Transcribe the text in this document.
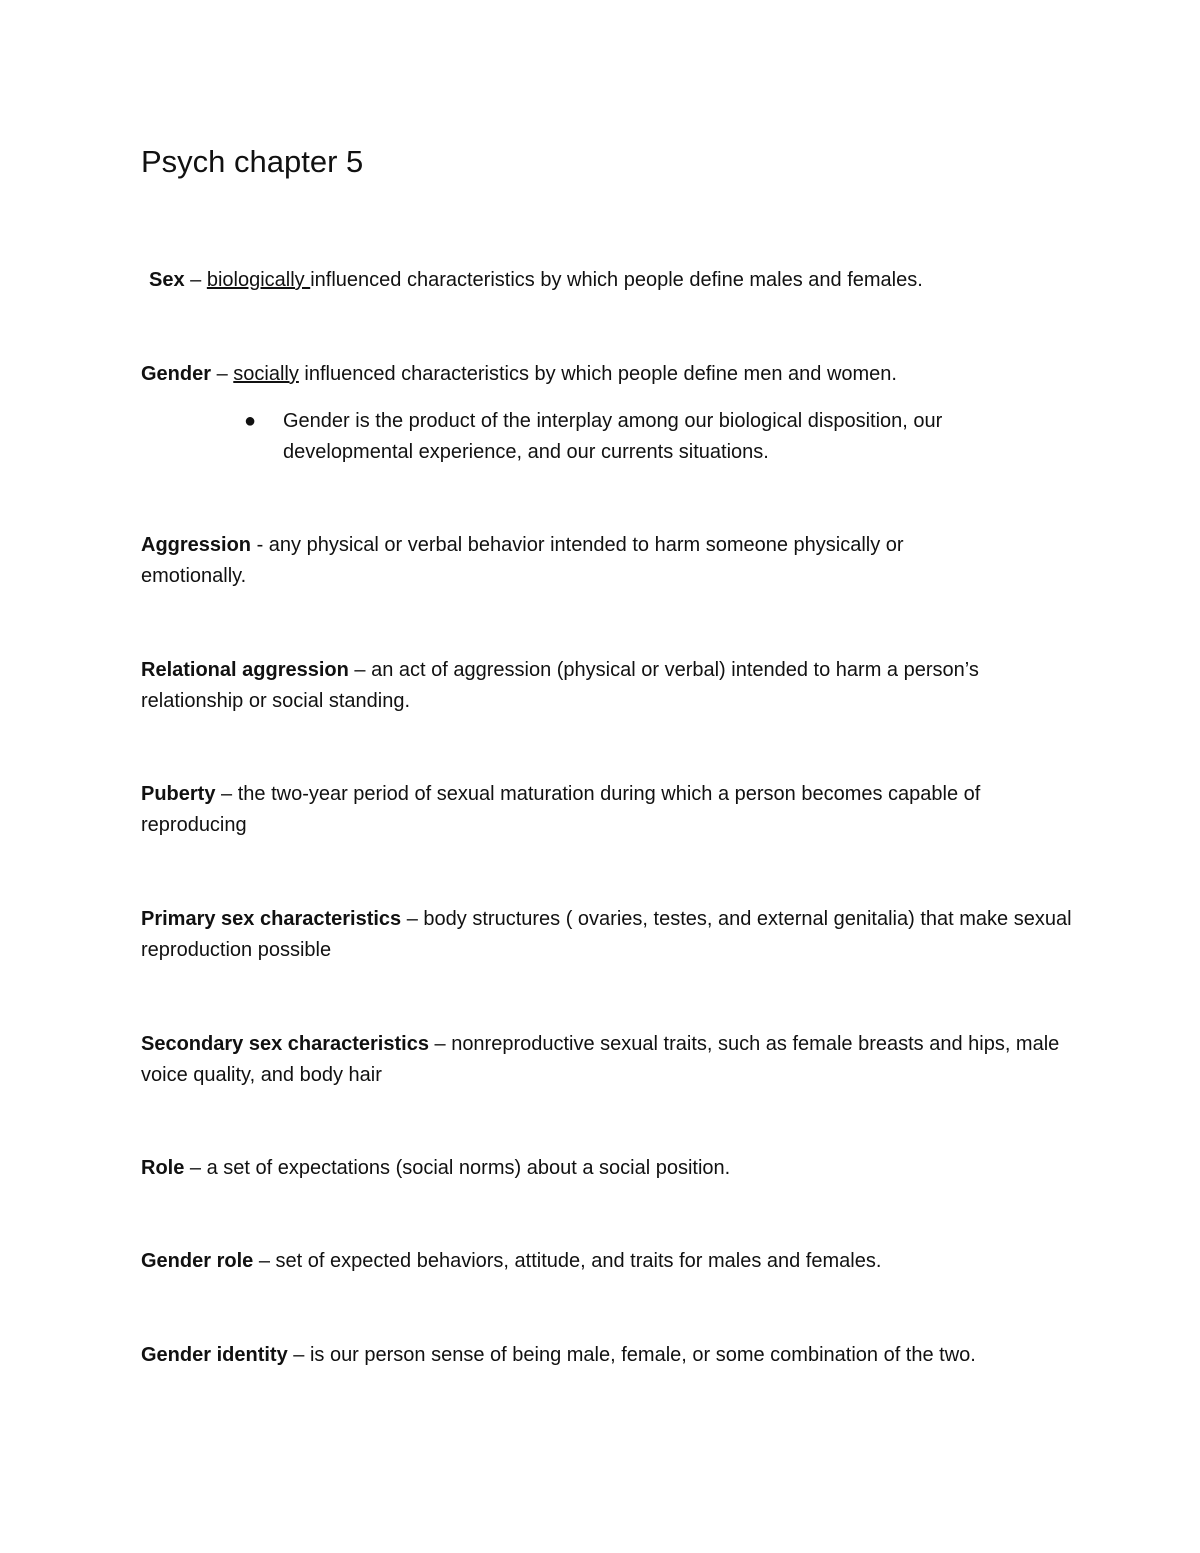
Psych chapter 5

Sex – biologically influenced characteristics by which people define males and females.

Gender – socially influenced characteristics by which people define men and women.

●	Gender is the product of the interplay among our biological disposition, our developmental experience, and our currents situations.

Aggression - any physical or verbal behavior intended to harm someone physically or emotionally.

Relational aggression – an act of aggression (physical or verbal) intended to harm a person’s relationship or social standing.

Puberty – the two-year period of sexual maturation during which a person becomes capable of reproducing

Primary sex characteristics – body structures ( ovaries, testes, and external genitalia) that make sexual reproduction possible

Secondary sex characteristics – nonreproductive sexual traits, such as female breasts and hips, male voice quality, and body hair

Role – a set of expectations (social norms) about a social position.

Gender role – set of expected behaviors, attitude, and traits for males and females.

Gender identity – is our person sense of being male, female, or some combination of the two.
